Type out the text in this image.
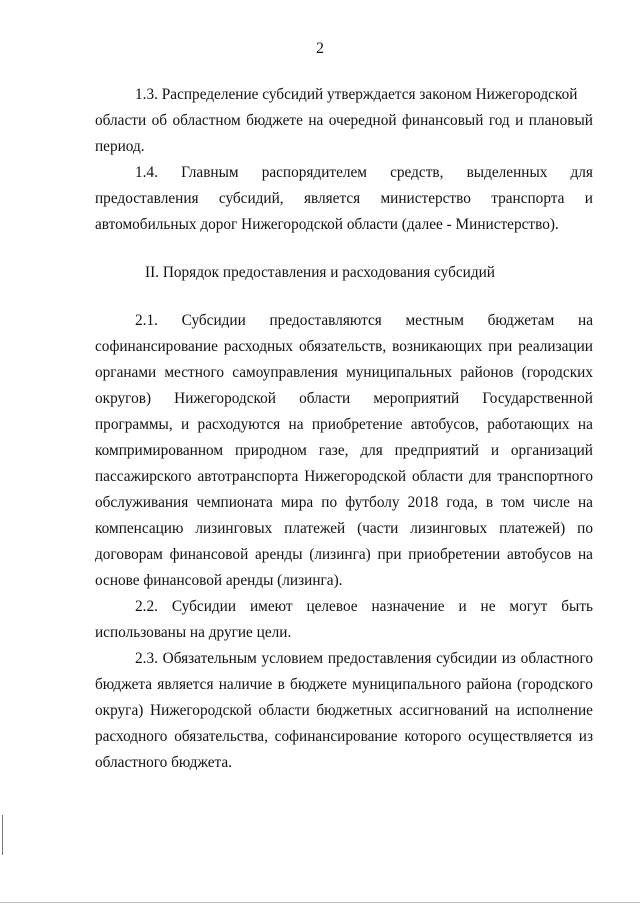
2
II. Порядок предоставления и расходования субсидий
1.3. Распределение субсидий утверждается законом Нижегородской
области об областном бюджете на очередной финансовый год и плановый
период.
1.4. Главным распорядителем средств, выделенных для
предоставления субсидий, является министерство транспорта и
автомобильных дорог Нижегородской области (далее - Министерство).
2.1. Субсидии предоставляются местным бюджетам на
софинансирование расходных обязательств, возникающих при реализации
органами местного самоуправления муниципальных районов (городских
округов) Нижегородской области мероприятий Государственной
программы, и расходуются на приобретение автобусов, работающих на
компримированном природном газе, для предприятий и организаций
пассажирского автотранспорта Нижегородской области для транспортного
обслуживания чемпионата мира по футболу 2018 года, в том числе на
компенсацию лизинговых платежей (части лизинговых платежей) по
договорам финансовой аренды (лизинга) при приобретении автобусов на
основе финансовой аренды (лизинга).
2.2. Субсидии имеют целевое назначение и не могут быть
использованы на другие цели.
2.3. Обязательным условием предоставления субсидии из областного
бюджета является наличие в бюджете муниципального района (городского
округа) Нижегородской области бюджетных ассигнований на исполнение
расходного обязательства, софинансирование которого осуществляется из
областного бюджета.
